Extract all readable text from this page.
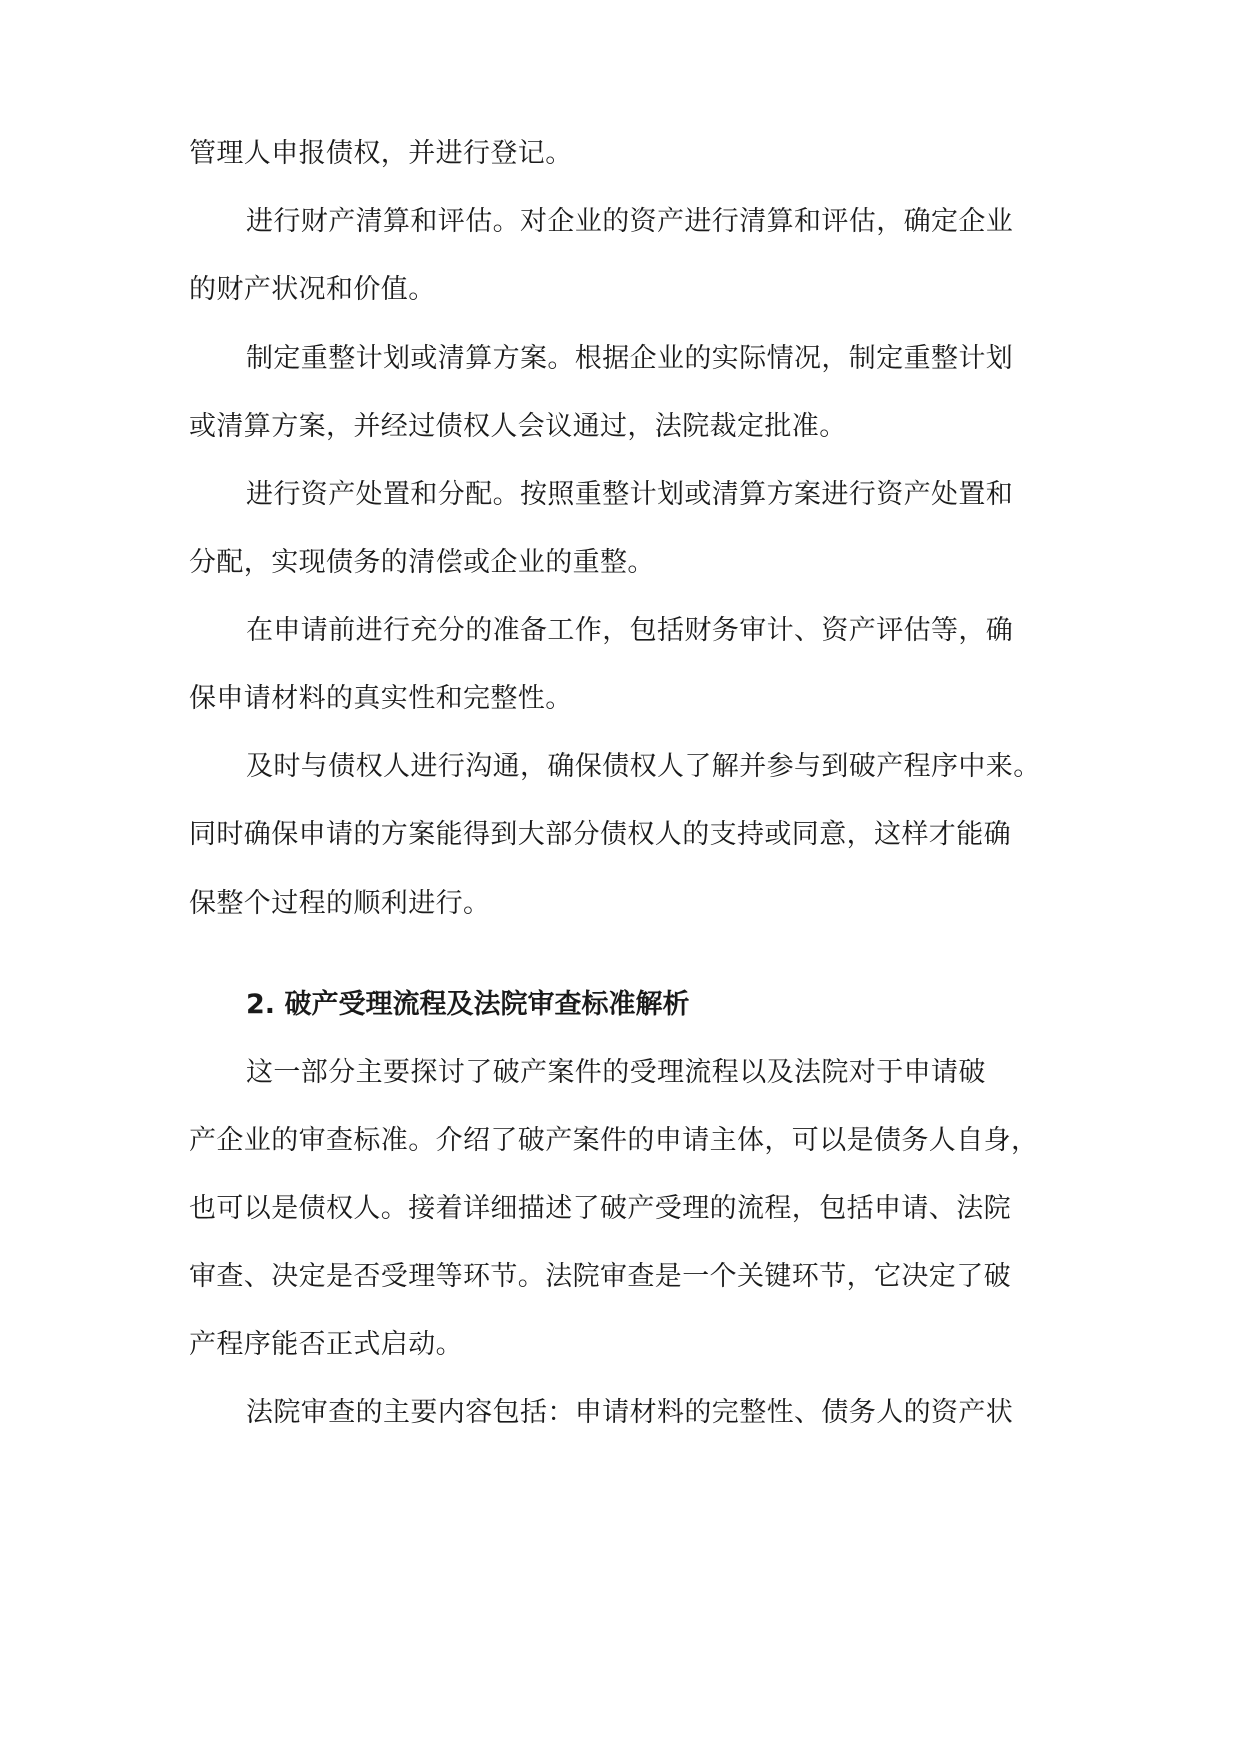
管理人申报债权，并进行登记。
进行财产清算和评估。对企业的资产进行清算和评估，确定企业
的财产状况和价值。
制定重整计划或清算方案。根据企业的实际情况，制定重整计划
或清算方案，并经过债权人会议通过，法院裁定批准。
进行资产处置和分配。按照重整计划或清算方案进行资产处置和
分配，实现债务的清偿或企业的重整。
在申请前进行充分的准备工作，包括财务审计、资产评估等，确
保申请材料的真实性和完整性。
及时与债权人进行沟通，确保债权人了解并参与到破产程序中来。
同时确保申请的方案能得到大部分债权人的支持或同意，这样才能确
保整个过程的顺利进行。
2. 破产受理流程及法院审查标准解析
这一部分主要探讨了破产案件的受理流程以及法院对于申请破
产企业的审查标准。介绍了破产案件的申请主体，可以是债务人自身，
也可以是债权人。接着详细描述了破产受理的流程，包括申请、法院
审查、决定是否受理等环节。法院审查是一个关键环节，它决定了破
产程序能否正式启动。
法院审查的主要内容包括：申请材料的完整性、债务人的资产状
